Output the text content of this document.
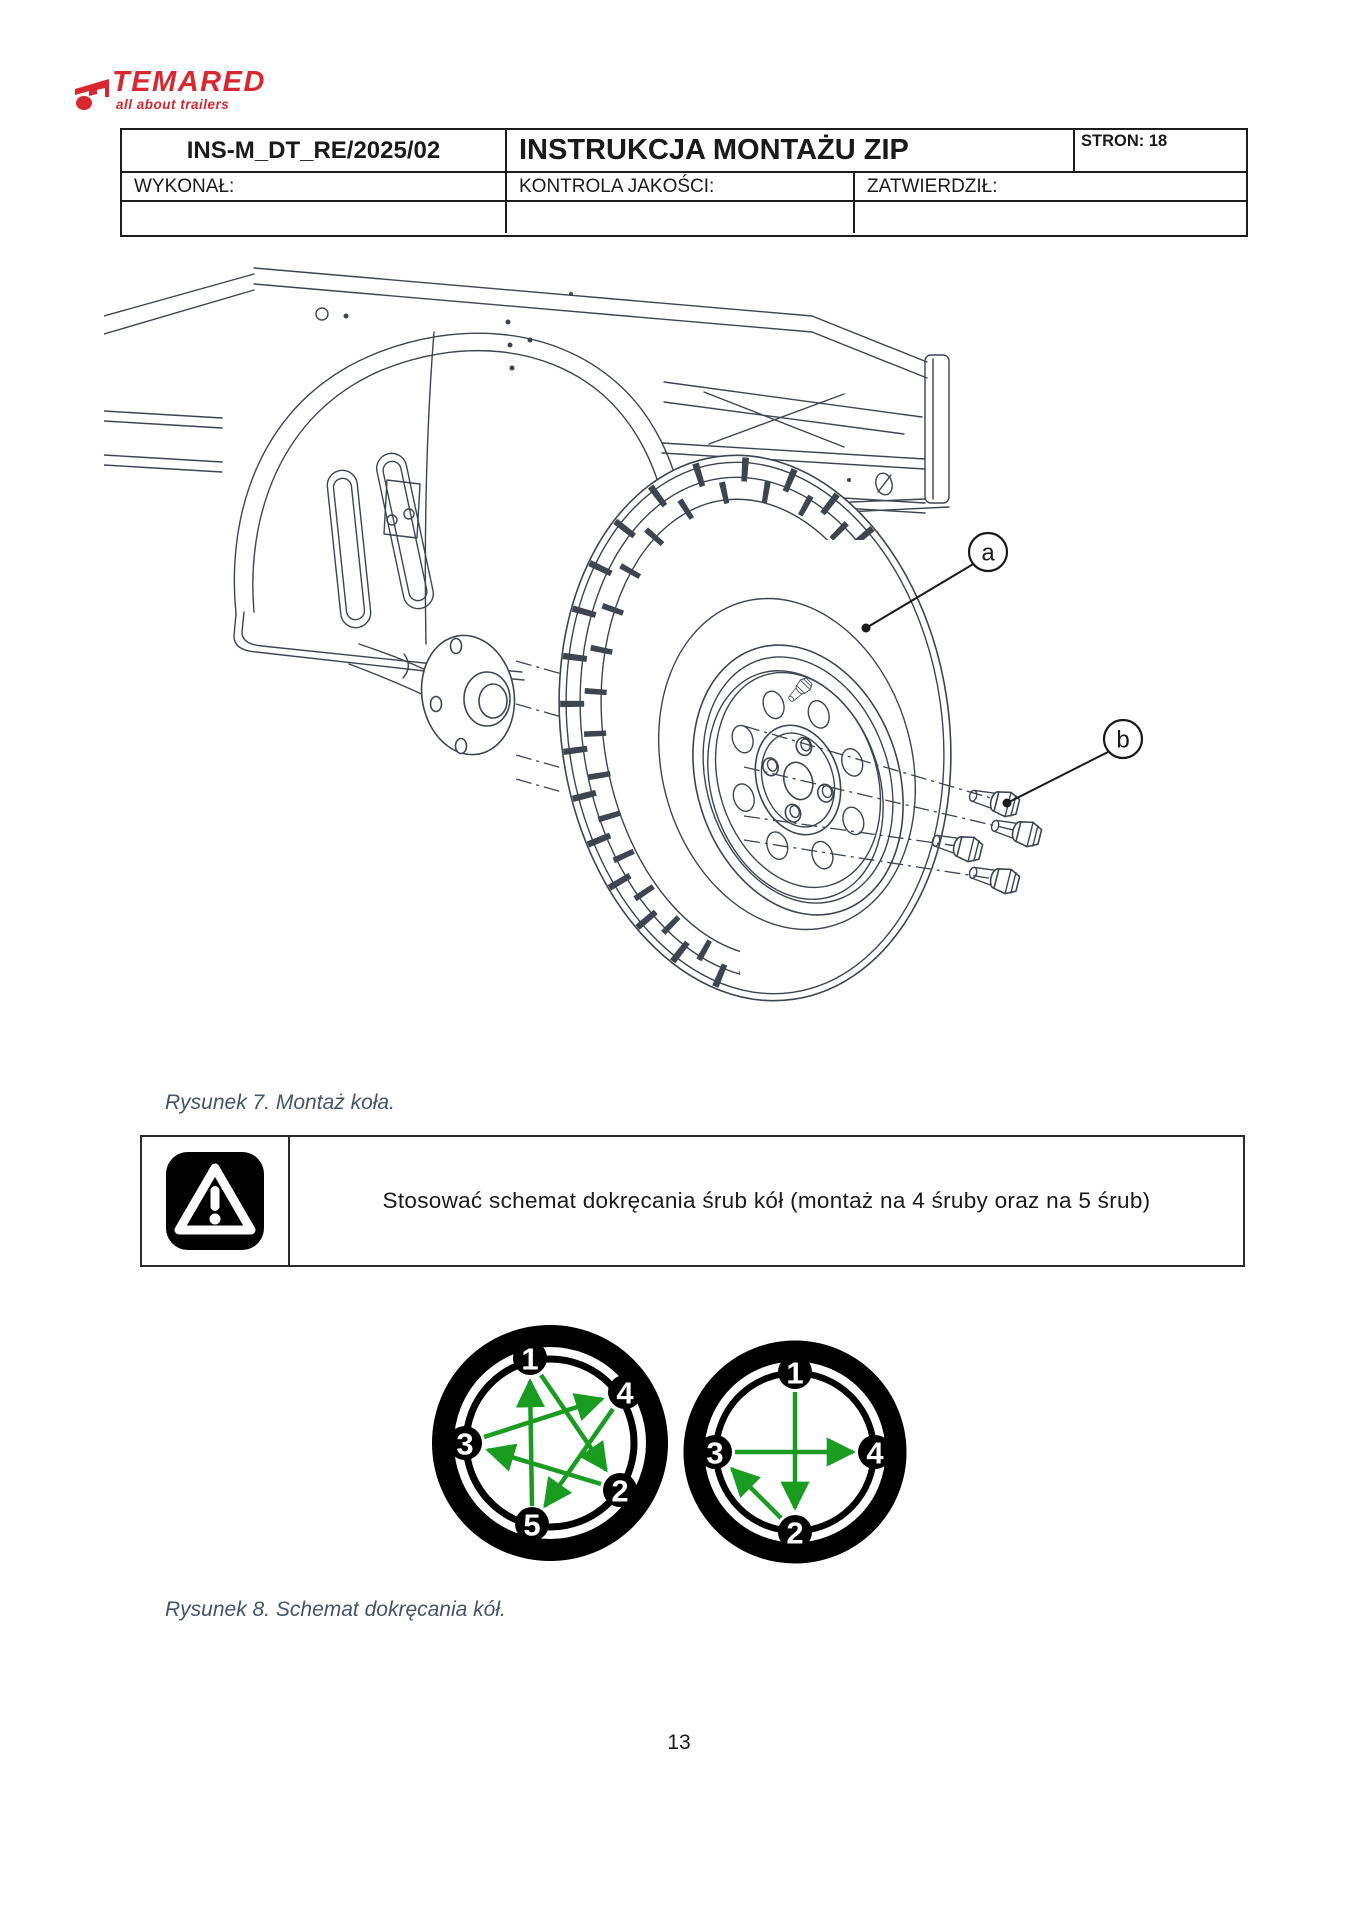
TEMARED
all about trailers
INS-M_DT_RE/2025/02	INSTRUKCJA MONTAŻU ZIP	STRON: 18
WYKONAŁ:	KONTROLA JAKOŚCI:	ZATWIERDZIŁ:
a
b
Rysunek 7. Montaż koła.
Stosować schemat dokręcania śrub kół (montaż na 4 śruby oraz na 5 śrub)
1
4
2
5
3
1
4
2
3
Rysunek 8. Schemat dokręcania kół.
13
